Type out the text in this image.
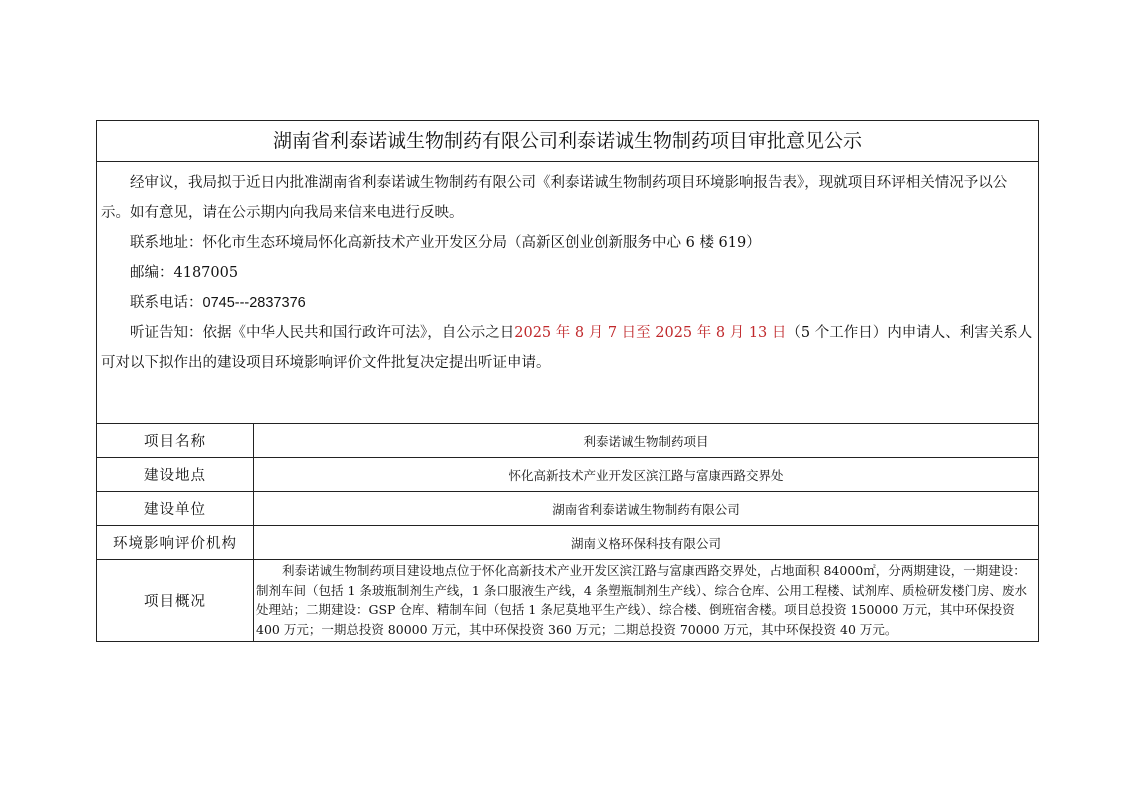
湖南省利泰诺诚生物制药有限公司利泰诺诚生物制药项目审批意见公示

经审议，我局拟于近日内批准湖南省利泰诺诚生物制药有限公司《利泰诺诚生物制药项目环境影响报告表》，现就项目环评相关情况予以公示。如有意见，请在公示期内向我局来信来电进行反映。

联系地址：怀化市生态环境局怀化高新技术产业开发区分局（高新区创业创新服务中心 6 楼 619）

邮编：4187005

联系电话：0745---2837376

听证告知：依据《中华人民共和国行政许可法》，自公示之日2025 年 8 月 7 日至 2025 年 8 月 13 日（5 个工作日）内申请人、利害关系人可对以下拟作出的建设项目环境影响评价文件批复决定提出听证申请。

项目名称	利泰诺诚生物制药项目
建设地点	怀化高新技术产业开发区滨江路与富康西路交界处
建设单位	湖南省利泰诺诚生物制药有限公司
环境影响评价机构	湖南义格环保科技有限公司
项目概况	利泰诺诚生物制药项目建设地点位于怀化高新技术产业开发区滨江路与富康西路交界处，占地面积 84000㎡，分两期建设，一期建设：制剂车间（包括 1 条玻瓶制剂生产线，1 条口服液生产线，4 条塑瓶制剂生产线）、综合仓库、公用工程楼、试剂库、质检研发楼门房、废水处理站；二期建设：GSP 仓库、精制车间（包括 1 条尼莫地平生产线）、综合楼、倒班宿舍楼。项目总投资 150000 万元，其中环保投资 400 万元；一期总投资 80000 万元，其中环保投资 360 万元；二期总投资 70000 万元，其中环保投资 40 万元。
